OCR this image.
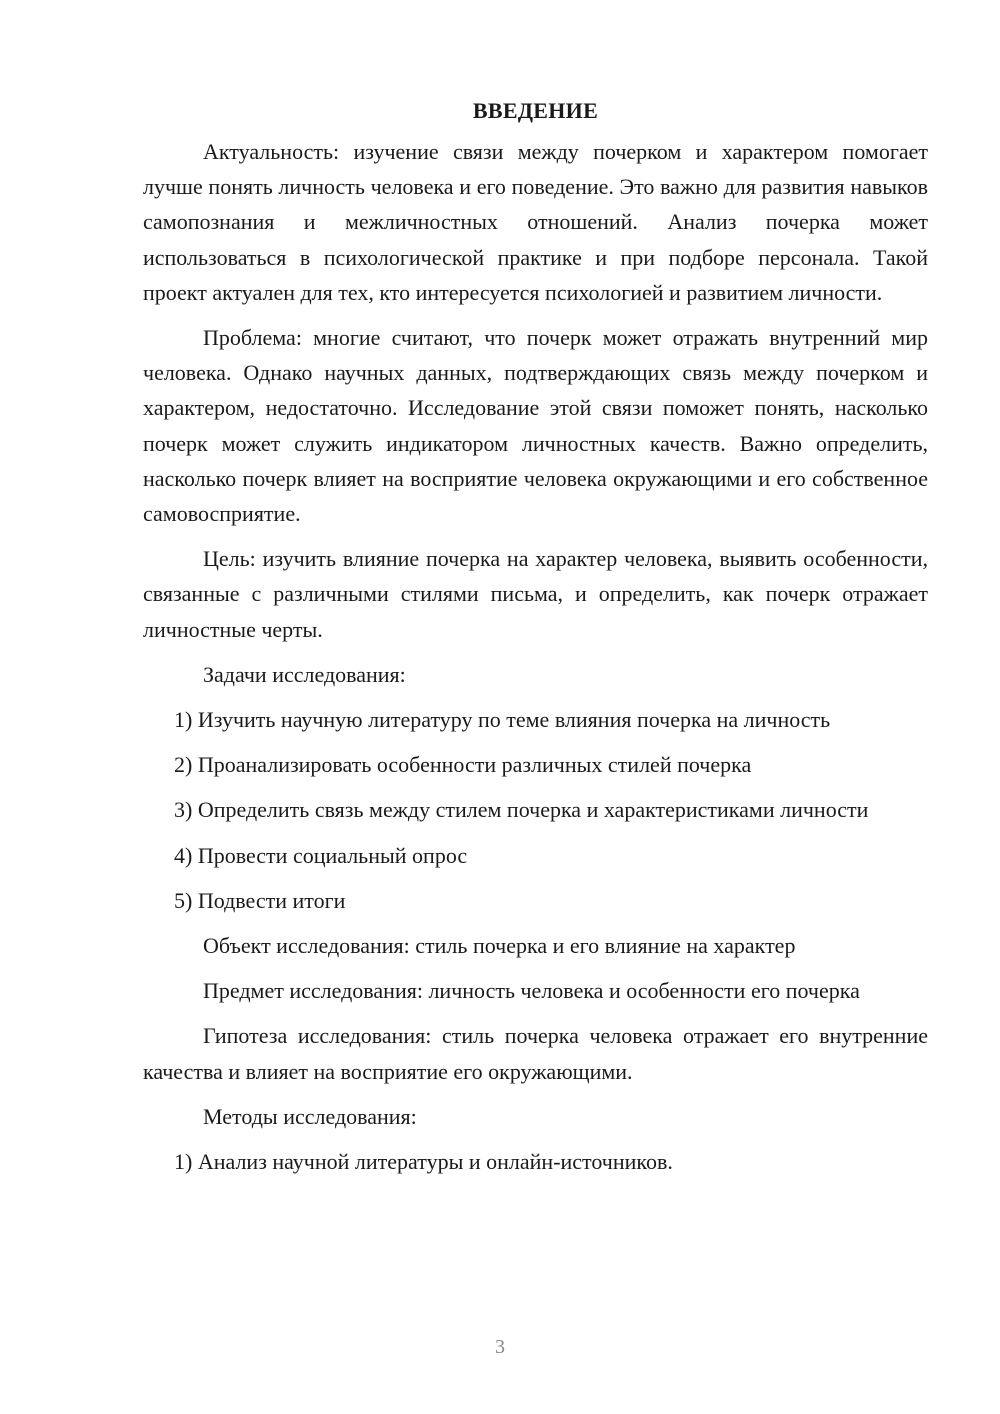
ВВЕДЕНИЕ

Актуальность: изучение связи между почерком и характером помогает лучше понять личность человека и его поведение. Это важно для развития навыков самопознания и межличностных отношений. Анализ почерка может использоваться в психологической практике и при подборе персонала. Такой проект актуален для тех, кто интересуется психологией и развитием личности.

Проблема: многие считают, что почерк может отражать внутренний мир человека. Однако научных данных, подтверждающих связь между почерком и характером, недостаточно. Исследование этой связи поможет понять, насколько почерк может служить индикатором личностных качеств. Важно определить, насколько почерк влияет на восприятие человека окружающими и его собственное самовосприятие.

Цель: изучить влияние почерка на характер человека, выявить особенности, связанные с различными стилями письма, и определить, как почерк отражает личностные черты.

Задачи исследования:

1) Изучить научную литературу по теме влияния почерка на личность

2) Проанализировать особенности различных стилей почерка

3) Определить связь между стилем почерка и характеристиками личности

4) Провести социальный опрос

5) Подвести итоги

Объект исследования: стиль почерка и его влияние на характер

Предмет исследования: личность человека и особенности его почерка

Гипотеза исследования: стиль почерка человека отражает его внутренние качества и влияет на восприятие его окружающими.

Методы исследования:

1) Анализ научной литературы и онлайн-источников.

3
